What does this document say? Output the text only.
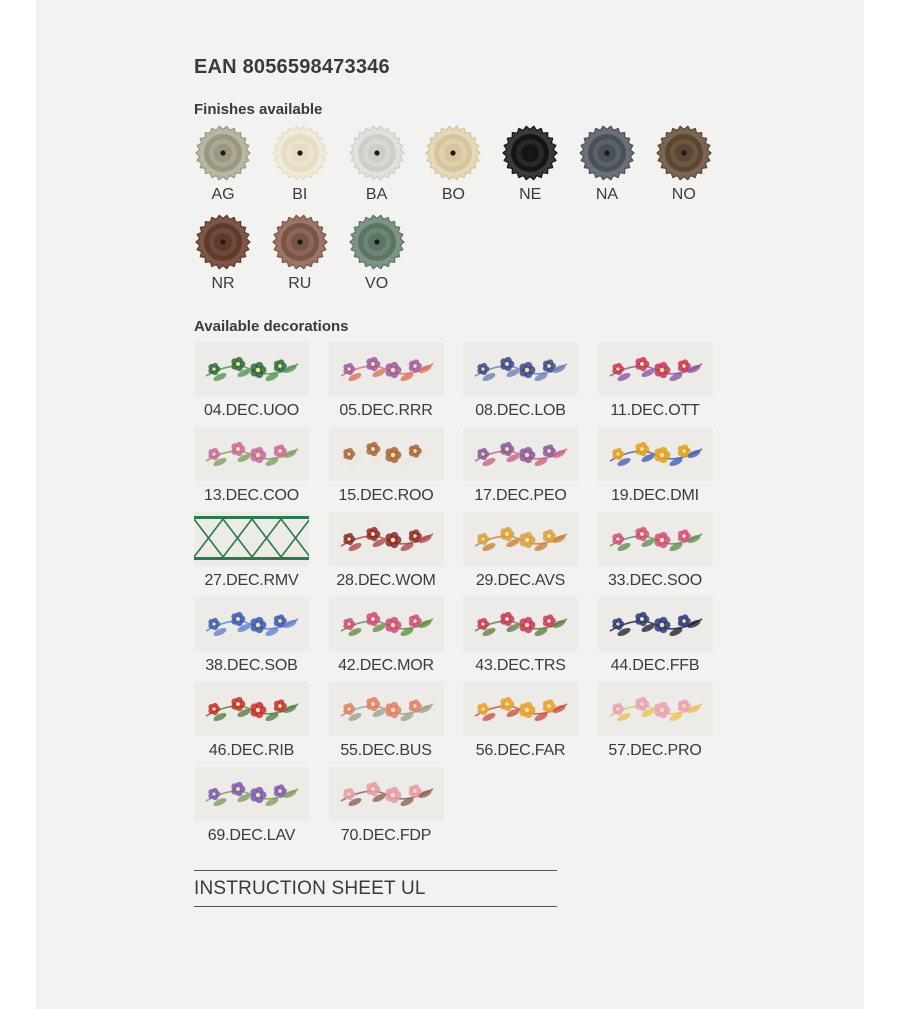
EAN 8056598473346
Finishes available
AG	BI	BA	BO	NE	NA	NO
NR	RU	VO
Available decorations
04.DEC.UOO	05.DEC.RRR	08.DEC.LOB	11.DEC.OTT
13.DEC.COO	15.DEC.ROO	17.DEC.PEO	19.DEC.DMI
27.DEC.RMV	28.DEC.WOM	29.DEC.AVS	33.DEC.SOO
38.DEC.SOB	42.DEC.MOR	43.DEC.TRS	44.DEC.FFB
46.DEC.RIB	55.DEC.BUS	56.DEC.FAR	57.DEC.PRO
69.DEC.LAV	70.DEC.FDP
INSTRUCTION SHEET UL
